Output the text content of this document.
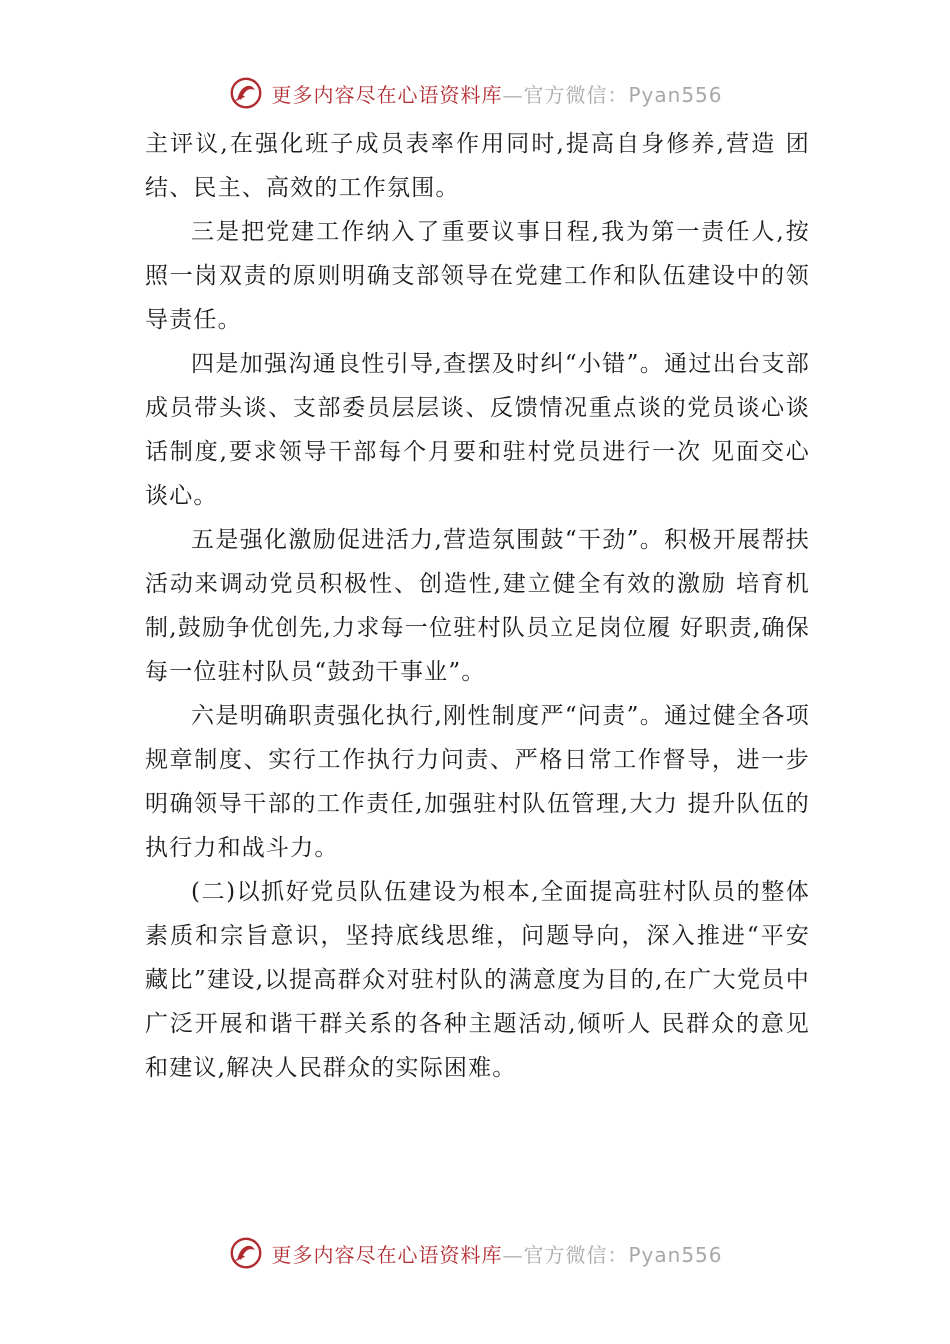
更多内容尽在心语资料库—官方微信：Pyan556

主评议,在强化班子成员表率作用同时,提高自身修养,营造 团结、民主、高效的工作氛围。

三是把党建工作纳入了重要议事日程,我为第一责任人,按照一岗双责的原则明确支部领导在党建工作和队伍建设中的领导责任。

四是加强沟通良性引导,查摆及时纠“小错”。通过出台支部成员带头谈、支部委员层层谈、反馈情况重点谈的党员谈心谈话制度,要求领导干部每个月要和驻村党员进行一次 见面交心谈心。

五是强化激励促进活力,营造氛围鼓“干劲”。积极开展帮扶活动来调动党员积极性、创造性,建立健全有效的激励 培育机制,鼓励争优创先,力求每一位驻村队员立足岗位履 好职责,确保每一位驻村队员“鼓劲干事业”。

六是明确职责强化执行,刚性制度严“问责”。通过健全各项规章制度、实行工作执行力问责、严格日常工作督导，进一步明确领导干部的工作责任,加强驻村队伍管理,大力 提升队伍的执行力和战斗力。

(二)以抓好党员队伍建设为根本,全面提高驻村队员的整体素质和宗旨意识，坚持底线思维，问题导向，深入推进“平安藏比”建设,以提高群众对驻村队的满意度为目的,在广大党员中广泛开展和谐干群关系的各种主题活动,倾听人 民群众的意见和建议,解决人民群众的实际困难。

更多内容尽在心语资料库—官方微信：Pyan556
